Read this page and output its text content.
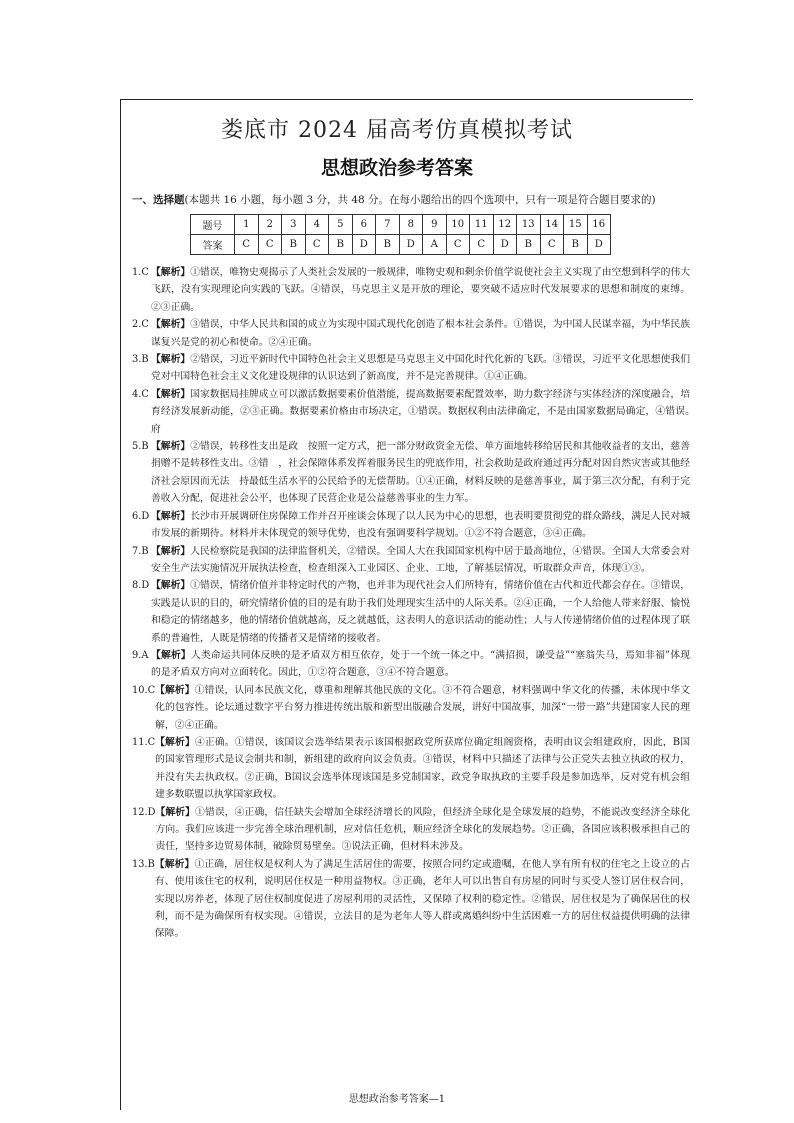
娄底市 2024 届高考仿真模拟考试
思想政治参考答案
一、选择题(本题共 16 小题，每小题 3 分，共 48 分。在每小题给出的四个选项中，只有一项是符合题目要求的)
题号	1	2	3	4	5	6	7	8	9	10	11	12	13	14	15	16
答案	C	C	B	C	B	D	B	D	A	C	C	D	B	C	B	D
1.C 【解析】①错误，唯物史观揭示了人类社会发展的一般规律，唯物史观和剩余价值学说使社会主义实现了由空想到科学的伟大飞跃，没有实现理论向实践的飞跃。④错误，马克思主义是开放的理论，要突破不适应时代发展要求的思想和制度的束缚。②③正确。
2.C 【解析】③错误，中华人民共和国的成立为实现中国式现代化创造了根本社会条件。①错误，为中国人民谋幸福，为中华民族谋复兴是党的初心和使命。②④正确。
3.B 【解析】②错误，习近平新时代中国特色社会主义思想是马克思主义中国化时代化新的飞跃。③错误，习近平文化思想使我们党对中国特色社会主义文化建设规律的认识达到了新高度，并不是完善规律。①④正确。
4.C 【解析】国家数据局挂牌成立可以激活数据要素价值潜能，提高数据要素配置效率，助力数字经济与实体经济的深度融合，培育经济发展新动能，②③正确。数据要素价格由市场决定，①错误。数据权利由法律确定，不是由国家数据局确定，④错误。　　　　　　府
5.B 【解析】②错误，转移性支出是政　按照一定方式，把一部分财政资金无偿、单方面地转移给居民和其他收益者的支出，慈善捐赠不是转移性支出。③错　，社会保障体系发挥着服务民生的兜底作用，社会救助是政府通过再分配对因自然灾害或其他经济社会原因而无法　持最低生活水平的公民给予的无偿帮助。①④正确，材料反映的是慈善事业，属于第三次分配，有利于完善收入分配，促进社会公平，也体现了民营企业是公益慈善事业的生力军。
6.D 【解析】长沙市开展调研住房保障工作并召开座谈会体现了以人民为中心的思想，也表明要贯彻党的群众路线，满足人民对城市发展的新期待。材料并未体现党的领导优势，也没有强调要科学规划。①②不符合题意，③④正确。
7.B 【解析】人民检察院是我国的法律监督机关，②错误。全国人大在我国国家机构中居于最高地位，④错误。全国人大常委会对安全生产法实施情况开展执法检查，检查组深入工业园区、企业、工地，了解基层情况，听取群众声音，体现①③。
8.D 【解析】①错误，情绪价值并非特定时代的产物，也并非为现代社会人们所特有，情绪价值在古代和近代都会存在。③错误，实践是认识的目的，研究情绪价值的目的是有助于我们处理现实生活中的人际关系。②④正确，一个人给他人带来舒服、愉悦和稳定的情绪越多，他的情绪价值就越高，反之就越低，这表明人的意识活动的能动性；人与人传递情绪价值的过程体现了联系的普遍性，人既是情绪的传播者又是情绪的接收者。
9.A 【解析】人类命运共同体反映的是矛盾双方相互依存，处于一个统一体之中。“满招损，谦受益”“塞翁失马，焉知非福”体现的是矛盾双方向对立面转化。因此，①②符合题意，③④不符合题意。
10.C 【解析】①错误，认同本民族文化，尊重和理解其他民族的文化。③不符合题意，材料强调中华文化的传播，未体现中华文化的包容性。论坛通过数字平台努力推进传统出版和新型出版融合发展，讲好中国故事，加深“一带一路”共建国家人民的理解，②④正确。
11.C 【解析】④正确。①错误，该国议会选举结果表示该国根据政党所获席位确定组阁资格，表明由议会组建政府，因此，B国的国家管理形式是议会制共和制，新组建的政府向议会负责。③错误，材料中只描述了法律与公正党失去独立执政的权力，并没有失去执政权。②正确，B国议会选举体现该国是多党制国家，政党争取执政的主要手段是参加选举，反对党有机会组建多数联盟以执掌国家政权。
12.D 【解析】①错误，④正确，信任缺失会增加全球经济增长的风险，但经济全球化是全球发展的趋势，不能说改变经济全球化方向。我们应该进一步完善全球治理机制，应对信任危机，顺应经济全球化的发展趋势。②正确，各国应该积极承担自己的责任，坚持多边贸易体制，破除贸易壁垒。③说法正确，但材料未涉及。
13.B 【解析】①正确，居住权是权利人为了满足生活居住的需要，按照合同约定或遗嘱，在他人享有所有权的住宅之上设立的占有、使用该住宅的权利，说明居住权是一种用益物权。③正确，老年人可以出售自有房屋的同时与买受人签订居住权合同，实现以房养老，体现了居住权制度促进了房屋利用的灵活性，又保障了权利的稳定性。②错误，居住权是为了确保居住的权利，而不是为确保所有权实现。④错误，立法目的是为老年人等人群或离婚纠纷中生活困难一方的居住权益提供明确的法律保障。
思想政治参考答案—1
